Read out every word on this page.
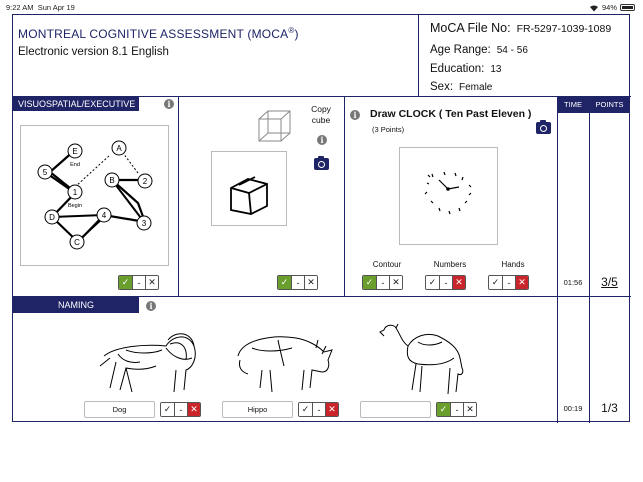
9:22 AM Sun Apr 19	94%
MONTREAL COGNITIVE ASSESSMENT (MOCA®)
Electronic version 8.1 English
MoCA File No: FR-5297-1039-1089
Age Range: 54 - 56
Education: 13
Sex: Female
VISUOSPATIAL/EXECUTIVE	i
E	A
5
B	2
1
D	4
3
C
End
Begin
✓ - ✕
Copy
cube
i
✓ - ✕
i	Draw CLOCK ( Ten Past Eleven )
(3 Points)
Contour
✓ - ✕
Numbers
✓ - ✕
Hands
✓ - ✕
TIME	POINTS
01:56	3/5
NAMING	i
Dog	✓ - ✕	Hippo	✓ - ✕	✓ - ✕	00:19	1/3
